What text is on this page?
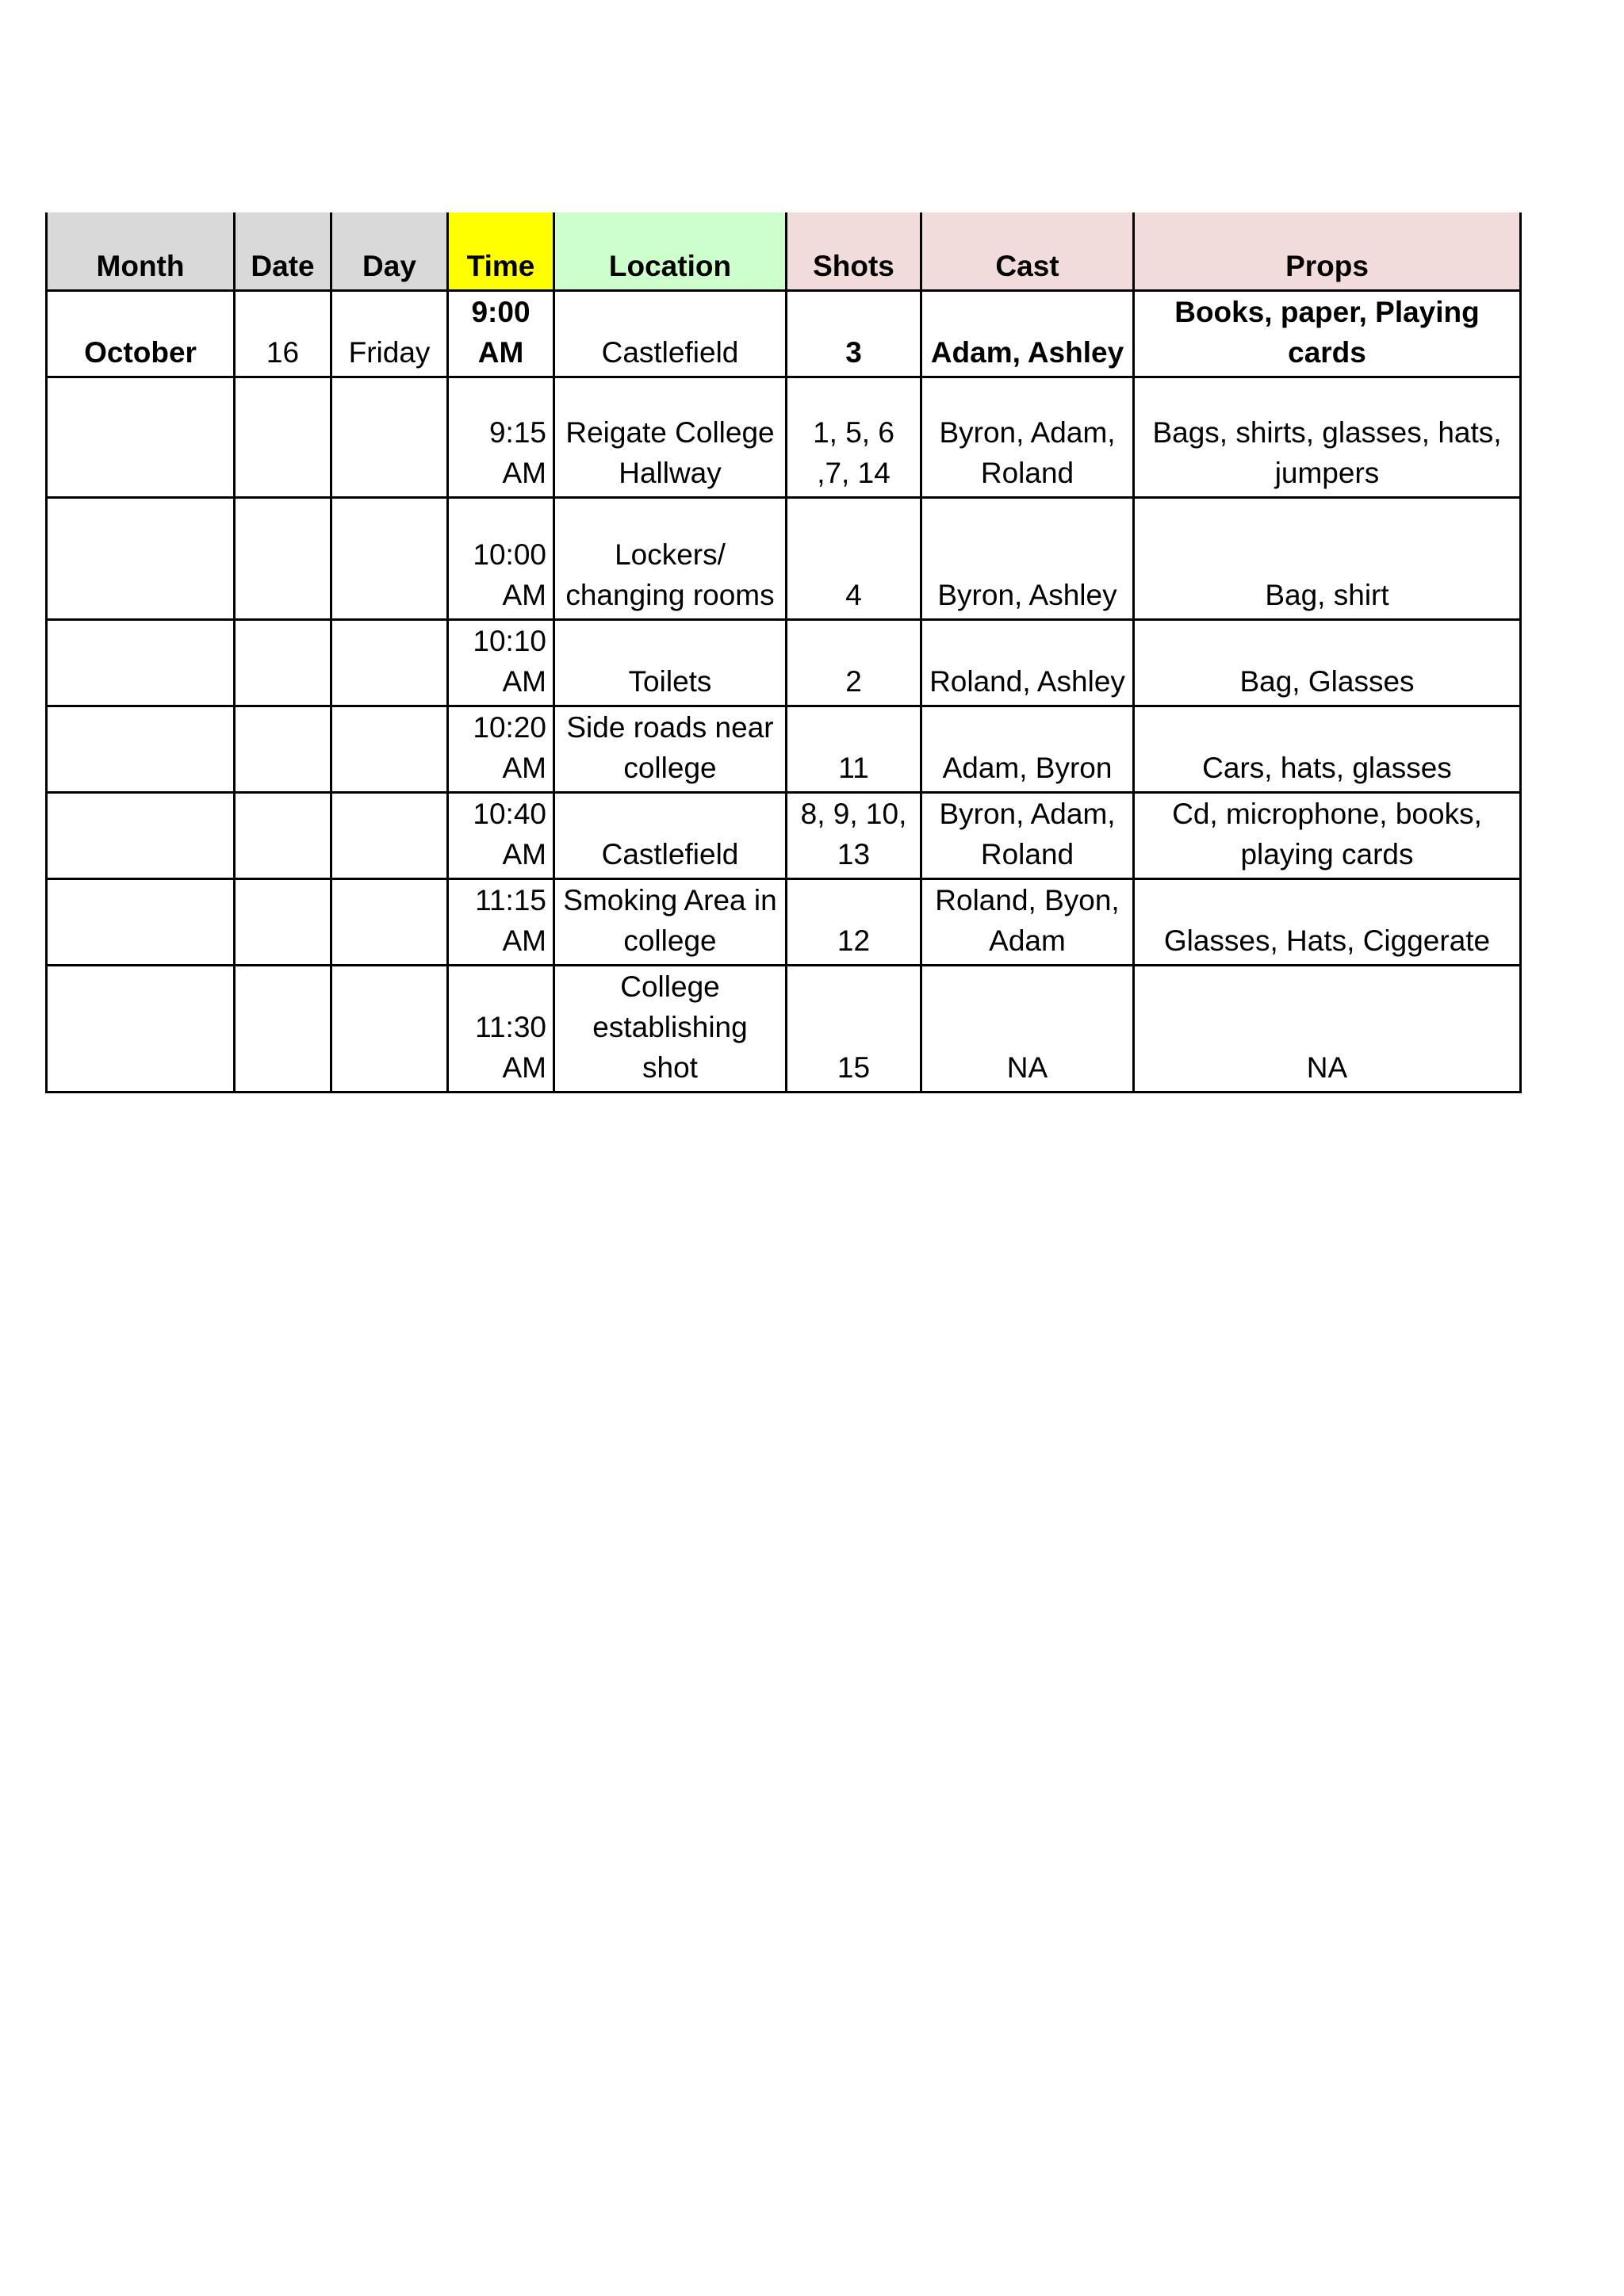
Month	Date	Day	Time	Location	Shots	Cast	Props
October	16	Friday	9:00 AM	Castlefield	3	Adam, Ashley	Books, paper, Playing cards
			9:15 AM	Reigate College Hallway	1, 5, 6 ,7, 14	Byron, Adam, Roland	Bags, shirts, glasses, hats, jumpers
			10:00 AM	Lockers/ changing rooms	4	Byron, Ashley	Bag, shirt
			10:10 AM	Toilets	2	Roland, Ashley	Bag, Glasses
			10:20 AM	Side roads near college	11	Adam, Byron	Cars, hats, glasses
			10:40 AM	Castlefield	8, 9, 10, 13	Byron, Adam, Roland	Cd, microphone, books, playing cards
			11:15 AM	Smoking Area in college	12	Roland, Byon, Adam	Glasses, Hats, Ciggerate
			11:30 AM	College establishing shot	15	NA	NA
